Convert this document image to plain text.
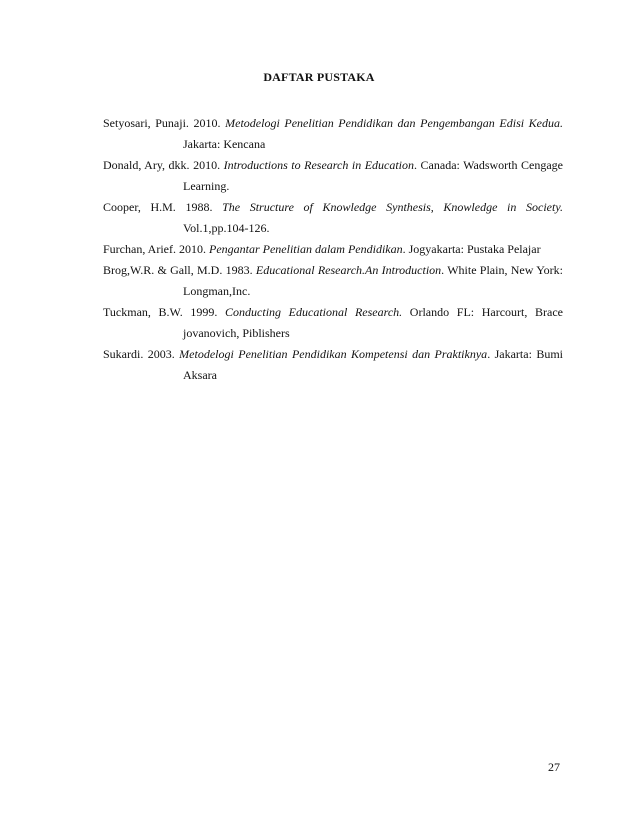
DAFTAR PUSTAKA

Setyosari, Punaji. 2010. Metodelogi Penelitian Pendidikan dan Pengembangan Edisi Kedua. Jakarta: Kencana

Donald, Ary, dkk. 2010. Introductions to Research in Education. Canada: Wadsworth Cengage Learning.

Cooper, H.M. 1988. The Structure of Knowledge Synthesis, Knowledge in Society. Vol.1,pp.104-126.

Furchan, Arief. 2010. Pengantar Penelitian dalam Pendidikan. Jogyakarta: Pustaka Pelajar

Brog,W.R. & Gall, M.D. 1983. Educational Research.An Introduction. White Plain, New York: Longman,Inc.

Tuckman, B.W. 1999. Conducting Educational Research. Orlando FL: Harcourt, Brace jovanovich, Piblishers

Sukardi. 2003. Metodelogi Penelitian Pendidikan Kompetensi dan Praktiknya. Jakarta: Bumi Aksara

27
